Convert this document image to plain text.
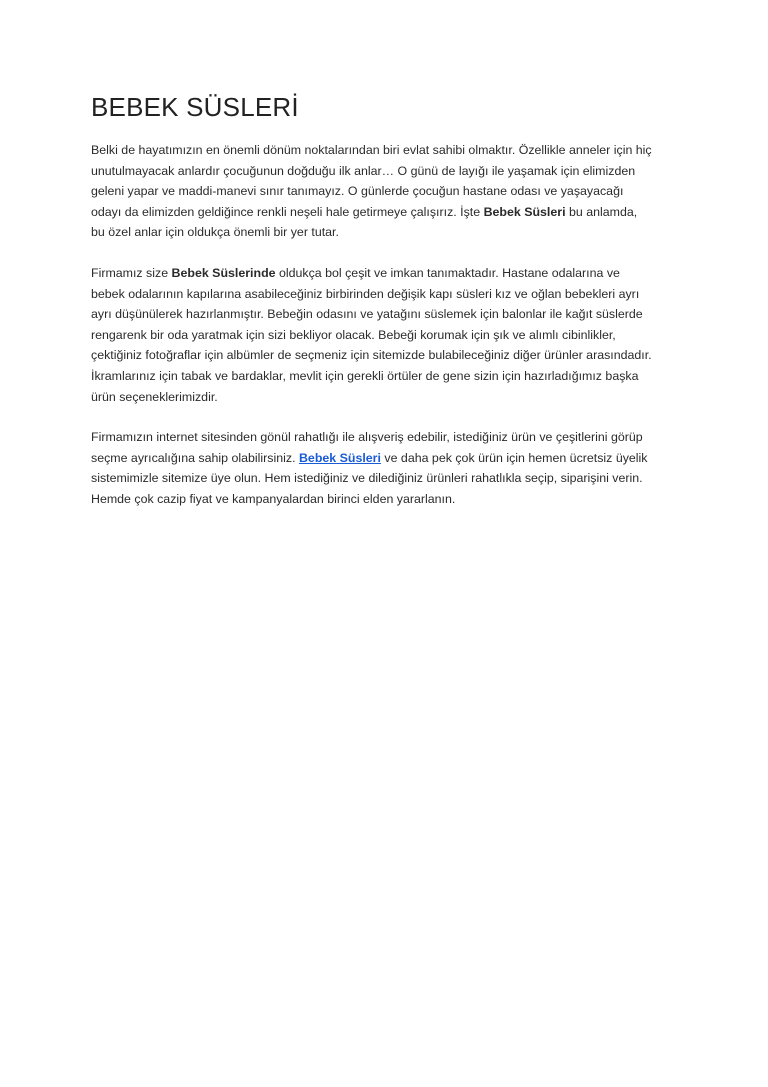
BEBEK SÜSLERİ

Belki de hayatımızın en önemli dönüm noktalarından biri evlat sahibi olmaktır. Özellikle anneler için hiç
unutulmayacak anlardır çocuğunun doğduğu ilk anlar… O günü de layığı ile yaşamak için elimizden
geleni yapar ve maddi-manevi sınır tanımayız. O günlerde çocuğun hastane odası ve yaşayacağı
odayı da elimizden geldiğince renkli neşeli hale getirmeye çalışırız. İşte Bebek Süsleri bu anlamda,
bu özel anlar için oldukça önemli bir yer tutar.

Firmamız size Bebek Süslerinde oldukça bol çeşit ve imkan tanımaktadır. Hastane odalarına ve
bebek odalarının kapılarına asabileceğiniz birbirinden değişik kapı süsleri kız ve oğlan bebekleri ayrı
ayrı düşünülerek hazırlanmıştır. Bebeğin odasını ve yatağını süslemek için balonlar ile kağıt süslerde
rengarenk bir oda yaratmak için sizi bekliyor olacak. Bebeği korumak için şık ve alımlı cibinlikler,
çektiğiniz fotoğraflar için albümler de seçmeniz için sitemizde bulabileceğiniz diğer ürünler arasındadır.
İkramlarınız için tabak ve bardaklar, mevlit için gerekli örtüler de gene sizin için hazırladığımız başka
ürün seçeneklerimizdir.

Firmamızın internet sitesinden gönül rahatlığı ile alışveriş edebilir, istediğiniz ürün ve çeşitlerini görüp
seçme ayrıcalığına sahip olabilirsiniz. Bebek Süsleri ve daha pek çok ürün için hemen ücretsiz üyelik
sistemimizle sitemize üye olun. Hem istediğiniz ve dilediğiniz ürünleri rahatlıkla seçip, siparişini verin.
Hemde çok cazip fiyat ve kampanyalardan birinci elden yararlanın.
